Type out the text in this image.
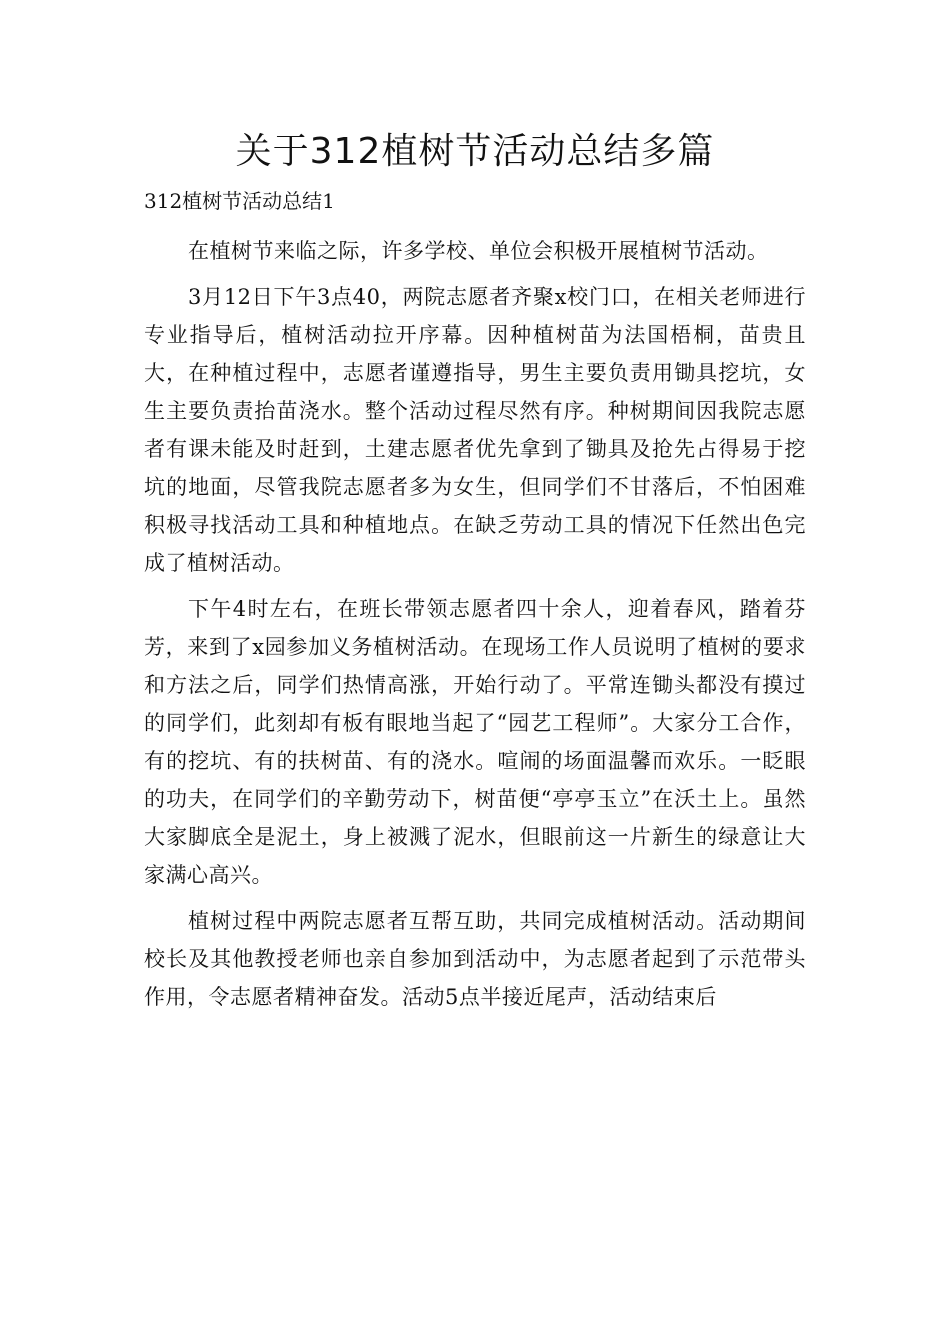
关于312植树节活动总结多篇
312植树节活动总结1

在植树节来临之际，许多学校、单位会积极开展植树节活动。

3月12日下午3点40，两院志愿者齐聚x校门口，在相关老师进行专业指导后，植树活动拉开序幕。因种植树苗为法国梧桐，苗贵且大，在种植过程中，志愿者谨遵指导，男生主要负责用锄具挖坑，女生主要负责抬苗浇水。整个活动过程尽然有序。种树期间因我院志愿者有课未能及时赶到，土建志愿者优先拿到了锄具及抢先占得易于挖坑的地面，尽管我院志愿者多为女生，但同学们不甘落后，不怕困难积极寻找活动工具和种植地点。在缺乏劳动工具的情况下任然出色完成了植树活动。

下午4时左右，在班长带领志愿者四十余人，迎着春风，踏着芬芳，来到了x园参加义务植树活动。在现场工作人员说明了植树的要求和方法之后，同学们热情高涨，开始行动了。平常连锄头都没有摸过的同学们，此刻却有板有眼地当起了“园艺工程师”。大家分工合作，有的挖坑、有的扶树苗、有的浇水。喧闹的场面温馨而欢乐。一眨眼的功夫，在同学们的辛勤劳动下，树苗便“亭亭玉立”在沃土上。虽然大家脚底全是泥土，身上被溅了泥水，但眼前这一片新生的绿意让大家满心高兴。

植树过程中两院志愿者互帮互助，共同完成植树活动。活动期间校长及其他教授老师也亲自参加到活动中，为志愿者起到了示范带头作用，令志愿者精神奋发。活动5点半接近尾声，活动结束后
